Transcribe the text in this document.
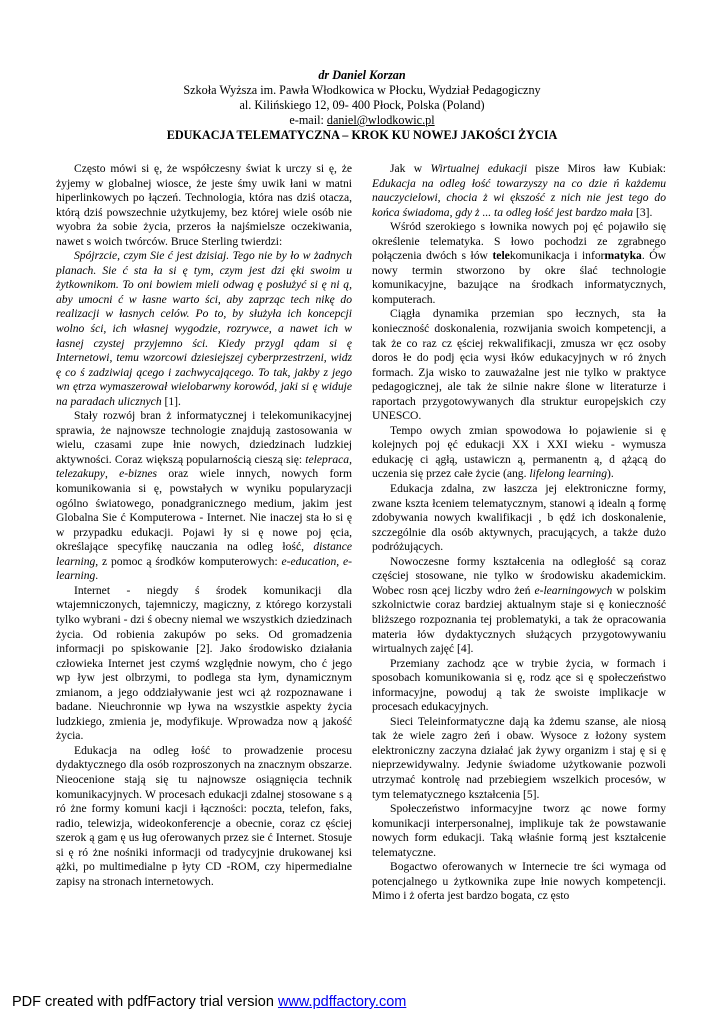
dr Daniel Korzan
Szkoła Wyższa im. Pawła Włodkowica w Płocku, Wydział Pedagogiczny
al. Kilińskiego 12, 09- 400 Płock, Polska (Poland)
e-mail: daniel@wlodkowic.pl
EDUKACJA TELEMATYCZNA – KROK KU NOWEJ JAKOŚCI ŻYCIA

Często mówi si ę, że współczesny świat k urczy si ę, że żyjemy w globalnej wiosce, że jeste śmy uwik łani w matni hiperlinkowych po łączeń. Technologia, która nas dziś otacza, którą dziś powszechnie użytkujemy, bez której wiele osób nie wyobra ża sobie życia, przeros ła najśmielsze oczekiwania, nawet s woich twórców. Bruce Sterling twierdzi:

Spójrzcie, czym Sie ć jest dzisiaj. Tego nie by ło w żadnych planach. Sie ć sta ła si ę tym, czym jest dzi ęki swoim u żytkownikom. To oni bowiem mieli odwag ę posłużyć si ę ni ą, aby umocni ć w łasne warto ści, aby zaprząc tech nikę do realizacji w łasnych celów. Po to, by służyła ich koncepcji wolno ści, ich własnej wygodzie, rozrywce, a nawet ich w łasnej czystej przyjemno ści. Kiedy przygl ądam si ę Internetowi, temu wzorcowi dziesiejszej cyberprzestrzeni, widz ę co ś zadziwiaj ącego i zachwycającego. To tak, jakby z jego wn ętrza wymaszerował wielobarwny korowód, jaki si ę widuje na paradach ulicznych [1].

Stały rozwój bran ż informatycznej i telekomunikacyjnej sprawia, że najnowsze technologie znajdują zastosowania w wielu, czasami zupe łnie nowych, dziedzinach ludzkiej aktywności. Coraz większą popularnością cieszą się: telepraca, telezakupy, e-biznes oraz wiele innych, nowych form komunikowania si ę, powstałych w wyniku popularyzacji ogólno światowego, ponadgranicznego medium, jakim jest Globalna Sie ć Komputerowa - Internet. Nie inaczej sta ło si ę w przypadku edukacji. Pojawi ły si ę nowe poj ęcia, określające specyfikę nauczania na odleg łość, distance learning, z pomoc ą środków komputerowych: e-education, e-learning.

Internet - niegdy ś środek komunikacji dla wtajemniczonych, tajemniczy, magiczny, z którego korzystali tylko wybrani - dzi ś obecny niemal we wszystkich dziedzinach życia. Od robienia zakupów po seks. Od gromadzenia informacji po spiskowanie [2]. Jako środowisko działania człowieka Internet jest czymś względnie nowym, cho ć jego wp ływ jest olbrzymi, to podlega sta łym, dynamicznym zmianom, a jego oddziaływanie jest wci ąż rozpoznawane i badane. Nieuchronnie wp ływa na wszystkie aspekty życia ludzkiego, zmienia je, modyfikuje. Wprowadza now ą jakość życia.

Edukacja na odleg łość to prowadzenie procesu dydaktycznego dla osób rozproszonych na znacznym obszarze. Nieocenione stają się tu najnowsze osiągnięcia technik komunikacyjnych. W procesach edukacji zdalnej stosowane s ą ró żne formy komuni kacji i łączności: poczta, telefon, faks, radio, telewizja, wideokonferencje a obecnie, coraz cz ęściej szerok ą gam ę us ług oferowanych przez sie ć Internet. Stosuje si ę ró żne nośniki informacji od tradycyjnie drukowanej ksi ążki, po multimedialne p łyty CD -ROM, czy hipermedialne zapisy na stronach internetowych.

Jak w Wirtualnej edukacji pisze Miros ław Kubiak: Edukacja na odleg łość towarzyszy na co dzie ń każdemu nauczycielowi, chocia ż wi ększość z nich nie jest tego do końca świadoma, gdy ż ... ta odleg łość jest bardzo mała [3].

Wśród szerokiego s łownika nowych poj ęć pojawiło się określenie telematyka. S łowo pochodzi ze zgrabnego połączenia dwóch s łów telekomunikacja i informatyka. Ów nowy termin stworzono by okre ślać technologie komunikacyjne, bazujące na środkach informatycznych, komputerach.

Ciągła dynamika przemian spo łecznych, sta ła konieczność doskonalenia, rozwijania swoich kompetencji, a tak że co raz cz ęściej rekwalifikacji, zmusza wr ęcz osoby doros łe do podj ęcia wysi łków edukacyjnych w ró żnych formach. Zja wisko to zauważalne jest nie tylko w praktyce pedagogicznej, ale tak że silnie nakre ślone w literaturze i raportach przygotowywanych dla struktur europejskich czy UNESCO.

Tempo owych zmian spowodowa ło pojawienie si ę kolejnych poj ęć edukacji XX i XXI wieku - wymusza edukację ci ągłą, ustawiczn ą, permanentn ą, d ążącą do uczenia się przez całe życie (ang. lifelong learning).

Edukacja zdalna, zw łaszcza jej elektroniczne formy, zwane kszta łceniem telematycznym, stanowi ą idealn ą formę zdobywania nowych kwalifikacji , b ędź ich doskonalenie, szczególnie dla osób aktywnych, pracujących, a także dużo podróżujących.

Nowoczesne formy kształcenia na odległość są coraz częściej stosowane, nie tylko w środowisku akademickim. Wobec rosn ącej liczby wdro żeń e-learningowych w polskim szkolnictwie coraz bardziej aktualnym staje si ę konieczność bliższego rozpoznania tej problematyki, a tak że opracowania materia łów dydaktycznych służących przygotowywaniu wirtualnych zajęć [4].

Przemiany zachodz ące w trybie życia, w formach i sposobach komunikowania si ę, rodz ące si ę społeczeństwo informacyjne, powoduj ą tak że swoiste implikacje w procesach edukacyjnych.

Sieci Teleinformatyczne dają ka żdemu szanse, ale niosą tak że wiele zagro żeń i obaw. Wysoce z łożony system elektroniczny zaczyna działać jak żywy organizm i staj ę si ę nieprzewidywalny. Jedynie świadome użytkowanie pozwoli utrzymać kontrolę nad przebiegiem wszelkich procesów, w tym telematycznego kształcenia [5].

Społeczeństwo informacyjne tworz ąc nowe formy komunikacji interpersonalnej, implikuje tak że powstawanie nowych form edukacji. Taką właśnie formą jest kształcenie telematyczne.

Bogactwo oferowanych w Internecie tre ści wymaga od potencjalnego u żytkownika zupe łnie nowych kompetencji. Mimo i ż oferta jest bardzo bogata, cz ęsto

PDF created with pdfFactory trial version www.pdffactory.com
